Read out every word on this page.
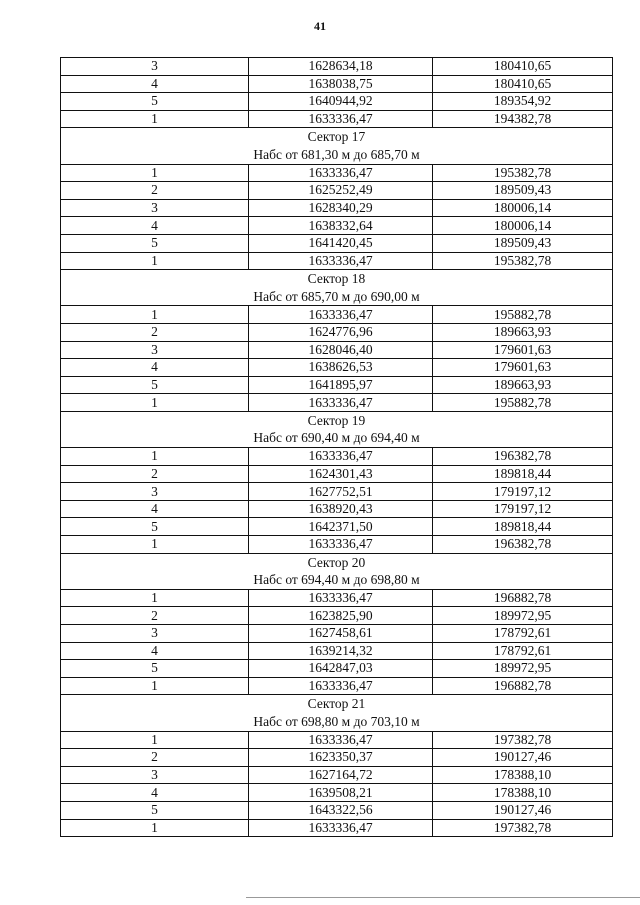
41
3	1628634,18	180410,65
4	1638038,75	180410,65
5	1640944,92	189354,92
1	1633336,47	194382,78

Сектор 17
Набс от 681,30 м до 685,70 м		

1	1633336,47	195382,78
2	1625252,49	189509,43
3	1628340,29	180006,14
4	1638332,64	180006,14
5	1641420,45	189509,43
1	1633336,47	195382,78

Сектор 18
Набс от 685,70 м до 690,00 м		

1	1633336,47	195882,78
2	1624776,96	189663,93
3	1628046,40	179601,63
4	1638626,53	179601,63
5	1641895,97	189663,93
1	1633336,47	195882,78

Сектор 19
Набс от 690,40 м до 694,40 м		

1	1633336,47	196382,78
2	1624301,43	189818,44
3	1627752,51	179197,12
4	1638920,43	179197,12
5	1642371,50	189818,44
1	1633336,47	196382,78

Сектор 20
Набс от 694,40 м до 698,80 м		

1	1633336,47	196882,78
2	1623825,90	189972,95
3	1627458,61	178792,61
4	1639214,32	178792,61
5	1642847,03	189972,95
1	1633336,47	196882,78

Сектор 21
Набс от 698,80 м до 703,10 м		

1	1633336,47	197382,78
2	1623350,37	190127,46
3	1627164,72	178388,10
4	1639508,21	178388,10
5	1643322,56	190127,46
1	1633336,47	197382,78
